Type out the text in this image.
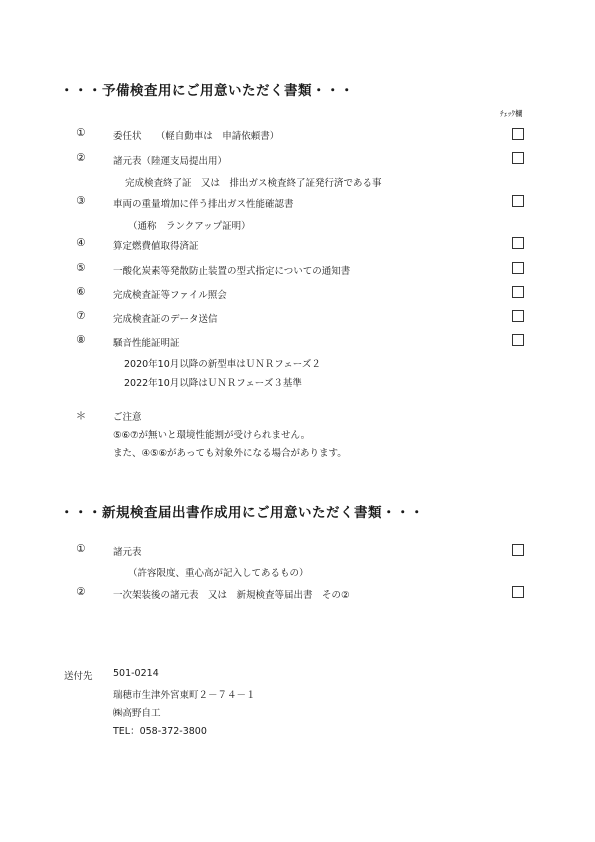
・・・予備検査用にご用意いただく書類・・・
ﾁｪｯｸ欄
①	委任状　　（軽自動車は　申請依頼書）
②	諸元表（陸運支局提出用）
完成検査終了証　又は　排出ガス検査終了証発行済である事
③	車両の重量増加に伴う排出ガス性能確認書
（通称　ランクアップ証明）
④	算定燃費値取得済証
⑤	一酸化炭素等発散防止装置の型式指定についての通知書
⑥	完成検査証等ファイル照会
⑦	完成検査証のデータ送信
⑧	騒音性能証明証
2020年10月以降の新型車はＵＮＲフェーズ２
2022年10月以降はＵＮＲフェーズ３基準
＊	ご注意
⑤⑥⑦が無いと環境性能割が受けられません。
また、④⑤⑥があっても対象外になる場合があります。
・・・新規検査届出書作成用にご用意いただく書類・・・
①	諸元表
（許容限度、重心高が記入してあるもの）
②	一次架装後の諸元表　又は　新規検査等届出書　その②
送付先 501-0214
瑞穂市生津外宮東町２－７４－１
㈱高野自工
TEL：058-372-3800
